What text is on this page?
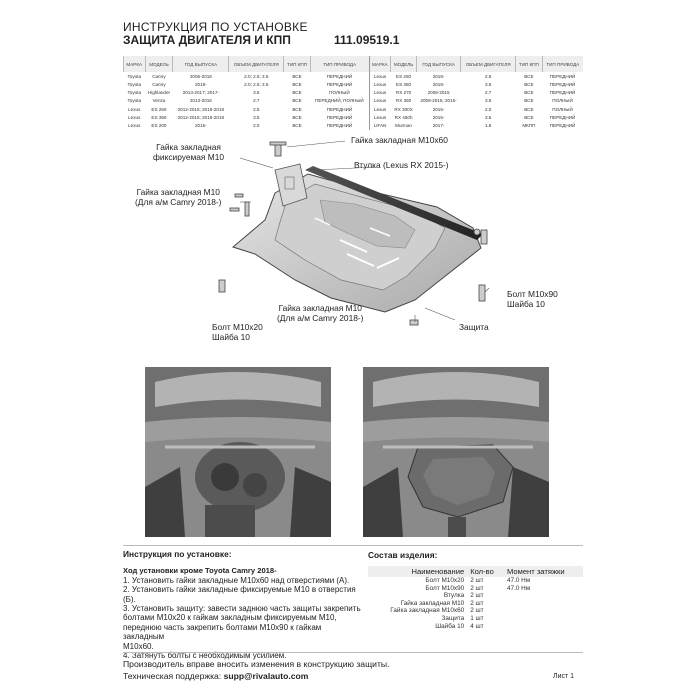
ИНСТРУКЦИЯ ПО УСТАНОВКЕ
ЗАЩИТА ДВИГАТЕЛЯ И КПП	111.09519.1
МАРКА	МОДЕЛЬ	ГОД ВЫПУСКА	ОБЪЕМ ДВИГАТЕЛЯ	ТИП КПП	ТИП ПРИВОДА	МАРКА	МОДЕЛЬ	ГОД ВЫПУСКА	ОБЪЕМ ДВИГАТЕЛЯ	ТИП КПП	ТИП ПРИВОДА
Toyota	Camry	2006-2018	2.0; 2.5; 3.5	ВСЕ	ПЕРЕДНИЙ	Lexus	ES 250	2018-	2.5	ВСЕ	ПЕРЕДНИЙ
Toyota	Camry	2018-	2.0; 2.5; 3.5	ВСЕ	ПЕРЕДНИЙ	Lexus	ES 350	2018-	3.5	ВСЕ	ПЕРЕДНИЙ
Toyota	Highlander	2013-2017; 2017-	3.5	ВСЕ	ПОЛНЫЙ	Lexus	RX 270	2008-2015	2.7	ВСЕ	ПЕРЕДНИЙ
Toyota	Venza	2013-2016	2.7	ВСЕ	ПЕРЕДНИЙ, ПОЛНЫЙ	Lexus	RX 350	2008-2015; 2015-	3.5	ВСЕ	ПОЛНЫЙ
Lexus	ES 250	2012-2015; 2015-2018	2.5	ВСЕ	ПЕРЕДНИЙ	Lexus	RX 300X	2015-	2.0	ВСЕ	ПОЛНЫЙ
Lexus	ES 350	2012-2015; 2015-2018	3.5	ВСЕ	ПЕРЕДНИЙ	Lexus	RX 450h	2015-	3.5	ВСЕ	ПЕРЕДНИЙ
Lexus	ES 200	2015-	2.0	ВСЕ	ПЕРЕДНИЙ	LIFAN	Murman	2017-	1.8	МКПП	ПЕРЕДНИЙ
Гайка закладная
фиксируемая М10
Гайка закладная М10х60
Втулка (Lexus RX 2015-)
Гайка закладная М10
(Для а/м Camry 2018-)
Болт М10х90
Шайба 10
Гайка закладная М10
(Для а/м Camry 2018-)
Защита
Болт М10х20
Шайба 10
Инструкция по установке:
Ход установки кроме Toyota Camry 2018-
1. Установить гайки закладные М10х60 над отверстиями (А).
2. Установить гайки закладные фиксируемые М10 в отверстия (Б).
3. Установить защиту: завести заднюю часть защиты закрепить
болтами М10х20 к гайкам закладным фиксируемым М10,
переднюю часть закрепить болтами М10х90 к гайкам закладным
М10х60.
4. Затянуть болты с необходимым усилием.
Состав изделия:
Наименование	Кол-во	Момент затяжки
Болт М10х20	2 шт	47.0 Нм
Болт М10х90	2 шт	47.0 Нм
Втулка	2 шт	
Гайка закладная М10	2 шт	
Гайка закладная М10х60	2 шт	
Защита	1 шт	
Шайба 10	4 шт	
Производитель вправе вносить изменения в конструкцию защиты.
Техническая поддержка: supp@rivalauto.com	Лист 1
